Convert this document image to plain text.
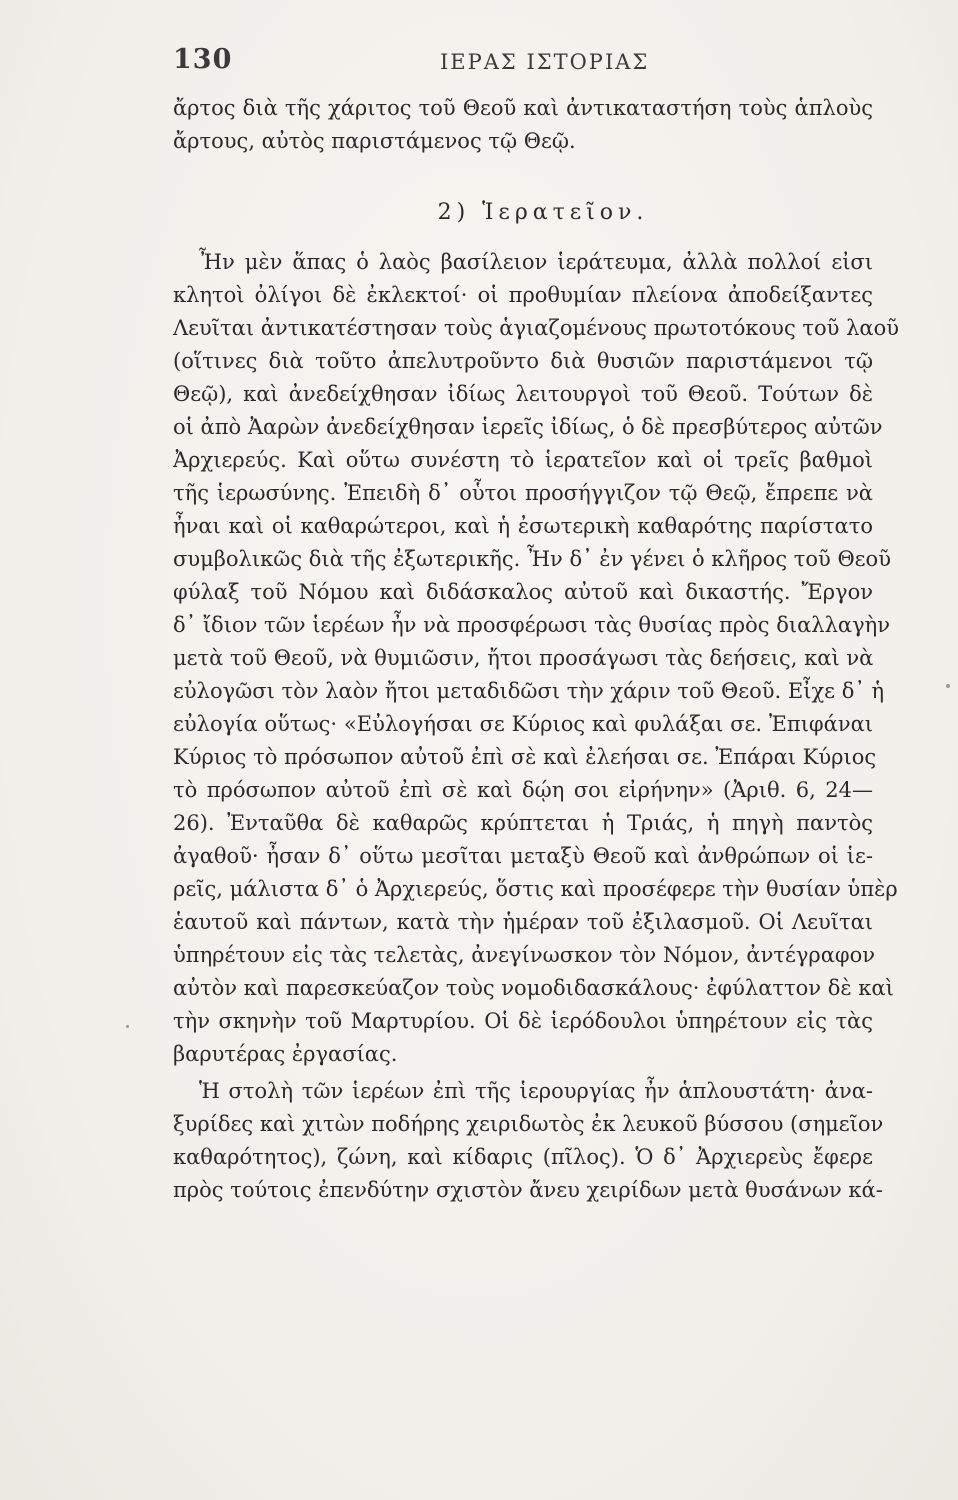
130	ΙΕΡΑΣ ΙΣΤΟΡΙΑΣ
ἄρτος διὰ τῆς χάριτος τοῦ Θεοῦ καὶ ἀντικαταστήση τοὺς ἁπλοὺς
ἄρτους, αὐτὸς παριστάμενος τῷ Θεῷ.
2) Ἱερατεῖον.
Ἦν μὲν ἅπας ὁ λαὸς βασίλειον ἱεράτευμα, ἀλλὰ πολλοί εἰσι
κλητοὶ ὀλίγοι δὲ ἐκλεκτοί· οἱ προθυμίαν πλείονα ἀποδείξαντες
Λευῖται ἀντικατέστησαν τοὺς ἁγιαζομένους πρωτοτόκους τοῦ λαοῦ
(οἵτινες διὰ τοῦτο ἀπελυτροῦντο διὰ θυσιῶν παριστάμενοι τῷ
Θεῷ), καὶ ἀνεδείχθησαν ἰδίως λειτουργοὶ τοῦ Θεοῦ. Τούτων δὲ
οἱ ἀπὸ Ἀαρὼν ἀνεδείχθησαν ἱερεῖς ἰδίως, ὁ δὲ πρεσβύτερος αὐτῶν
Ἀρχιερεύς. Καὶ οὕτω συνέστη τὸ ἱερατεῖον καὶ οἱ τρεῖς βαθμοὶ
τῆς ἱερωσύνης. Ἐπειδὴ δ᾽ οὗτοι προσήγγιζον τῷ Θεῷ, ἔπρεπε νὰ
ἦναι καὶ οἱ καθαρώτεροι, καὶ ἡ ἐσωτερικὴ καθαρότης παρίστατο
συμβολικῶς διὰ τῆς ἐξωτερικῆς. Ἦν δ᾽ ἐν γένει ὁ κλῆρος τοῦ Θεοῦ
φύλαξ τοῦ Νόμου καὶ διδάσκαλος αὐτοῦ καὶ δικαστής. Ἔργον
δ᾽ ἴδιον τῶν ἱερέων ἦν νὰ προσφέρωσι τὰς θυσίας πρὸς διαλλαγὴν
μετὰ τοῦ Θεοῦ, νὰ θυμιῶσιν, ἤτοι προσάγωσι τὰς δεήσεις, καὶ νὰ
εὐλογῶσι τὸν λαὸν ἤτοι μεταδιδῶσι τὴν χάριν τοῦ Θεοῦ. Εἶχε δ᾽ ἡ
εὐλογία οὕτως· «Εὐλογήσαι σε Κύριος καὶ φυλάξαι σε. Ἐπιφάναι
Κύριος τὸ πρόσωπον αὐτοῦ ἐπὶ σὲ καὶ ἐλεήσαι σε. Ἐπάραι Κύριος
τὸ πρόσωπον αὐτοῦ ἐπὶ σὲ καὶ δῴη σοι εἰρήνην» (Ἀριθ. 6, 24—
26). Ἐνταῦθα δὲ καθαρῶς κρύπτεται ἡ Τριάς, ἡ πηγὴ παντὸς
ἀγαθοῦ· ἦσαν δ᾽ οὕτω μεσῖται μεταξὺ Θεοῦ καὶ ἀνθρώπων οἱ ἱε-
ρεῖς, μάλιστα δ᾽ ὁ Ἀρχιερεύς, ὅστις καὶ προσέφερε τὴν θυσίαν ὑπὲρ
ἑαυτοῦ καὶ πάντων, κατὰ τὴν ἡμέραν τοῦ ἐξιλασμοῦ. Οἱ Λευῖται
ὑπηρέτουν εἰς τὰς τελετὰς, ἀνεγίνωσκον τὸν Νόμον, ἀντέγραφον
αὐτὸν καὶ παρεσκεύαζον τοὺς νομοδιδασκάλους· ἐφύλαττον δὲ καὶ
τὴν σκηνὴν τοῦ Μαρτυρίου. Οἱ δὲ ἱερόδουλοι ὑπηρέτουν εἰς τὰς
βαρυτέρας ἐργασίας.
Ἡ στολὴ τῶν ἱερέων ἐπὶ τῆς ἱερουργίας ἦν ἁπλουστάτη· ἀνα-
ξυρίδες καὶ χιτὼν ποδήρης χειριδωτὸς ἐκ λευκοῦ βύσσου (σημεῖον
καθαρότητος), ζώνη, καὶ κίδαρις (πῖλος). Ὁ δ᾽ Ἀρχιερεὺς ἔφερε
πρὸς τούτοις ἐπενδύτην σχιστὸν ἄνευ χειρίδων μετὰ θυσάνων κά-
